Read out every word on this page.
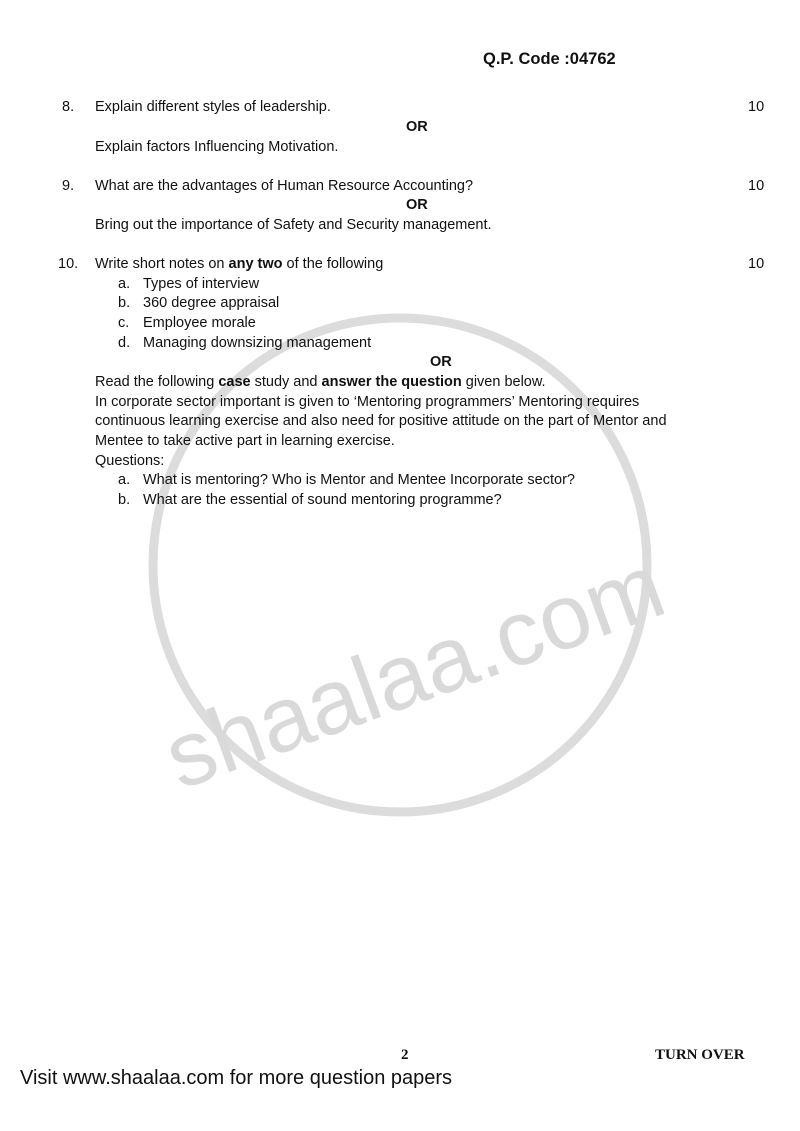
shaalaa.com
Q.P. Code :04762
8. Explain different styles of leadership.	10
OR
Explain factors Influencing Motivation.
9. What are the advantages of Human Resource Accounting?	10
OR
Bring out the importance of Safety and Security management.
10. Write short notes on any two of the following	10
a. Types of interview
b. 360 degree appraisal
c. Employee morale
d. Managing downsizing management
OR
Read the following case study and answer the question given below.
In corporate sector important is given to ‘Mentoring programmers’ Mentoring requires
continuous learning exercise and also need for positive attitude on the part of Mentor and
Mentee to take active part in learning exercise.
Questions:
a. What is mentoring? Who is Mentor and Mentee Incorporate sector?
b. What are the essential of sound mentoring programme?
2	TURN OVER
Visit www.shaalaa.com for more question papers
